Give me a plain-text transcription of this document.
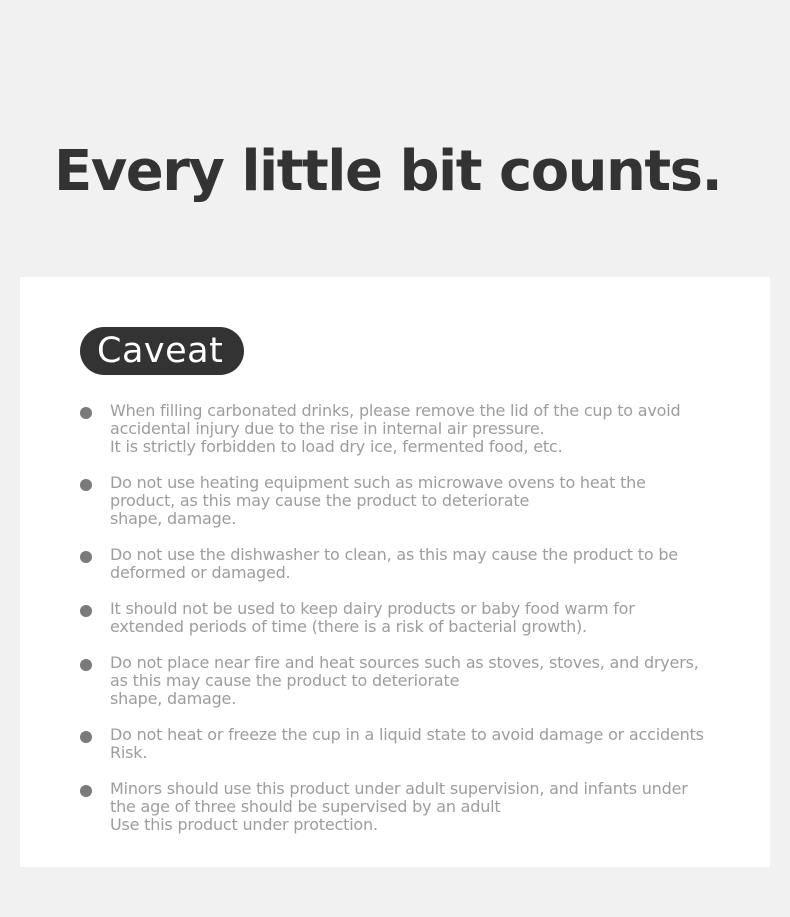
Every little bit counts.
Caveat
When filling carbonated drinks, please remove the lid of the cup to avoid
accidental injury due to the rise in internal air pressure.
It is strictly forbidden to load dry ice, fermented food, etc.
Do not use heating equipment such as microwave ovens to heat the
product, as this may cause the product to deteriorate
shape, damage.
Do not use the dishwasher to clean, as this may cause the product to be
deformed or damaged.
It should not be used to keep dairy products or baby food warm for
extended periods of time (there is a risk of bacterial growth).
Do not place near fire and heat sources such as stoves, stoves, and dryers,
as this may cause the product to deteriorate
shape, damage.
Do not heat or freeze the cup in a liquid state to avoid damage or accidents
Risk.
Minors should use this product under adult supervision, and infants under
the age of three should be supervised by an adult
Use this product under protection.
